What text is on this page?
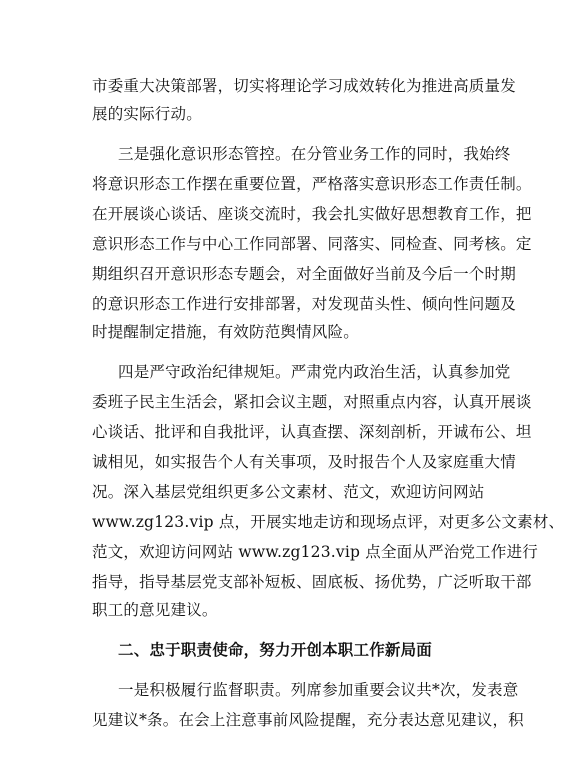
市委重大决策部署，切实将理论学习成效转化为推进高质量发

展的实际行动。

三是强化意识形态管控。在分管业务工作的同时，我始终

将意识形态工作摆在重要位置，严格落实意识形态工作责任制。

在开展谈心谈话、座谈交流时，我会扎实做好思想教育工作，把

意识形态工作与中心工作同部署、同落实、同检查、同考核。定

期组织召开意识形态专题会，对全面做好当前及今后一个时期

的意识形态工作进行安排部署，对发现苗头性、倾向性问题及

时提醒制定措施，有效防范舆情风险。

四是严守政治纪律规矩。严肃党内政治生活，认真参加党

委班子民主生活会，紧扣会议主题，对照重点内容，认真开展谈

心谈话、批评和自我批评，认真查摆、深刻剖析，开诚布公、坦

诚相见，如实报告个人有关事项，及时报告个人及家庭重大情

况。深入基层党组织更多公文素材、范文，欢迎访问网站

www.zg123.vip 点，开展实地走访和现场点评，对更多公文素材、

范文，欢迎访问网站 www.zg123.vip 点全面从严治党工作进行

指导，指导基层党支部补短板、固底板、扬优势，广泛听取干部

职工的意见建议。

二、忠于职责使命，努力开创本职工作新局面

一是积极履行监督职责。列席参加重要会议共*次，发表意

见建议*条。在会上注意事前风险提醒，充分表达意见建议，积
